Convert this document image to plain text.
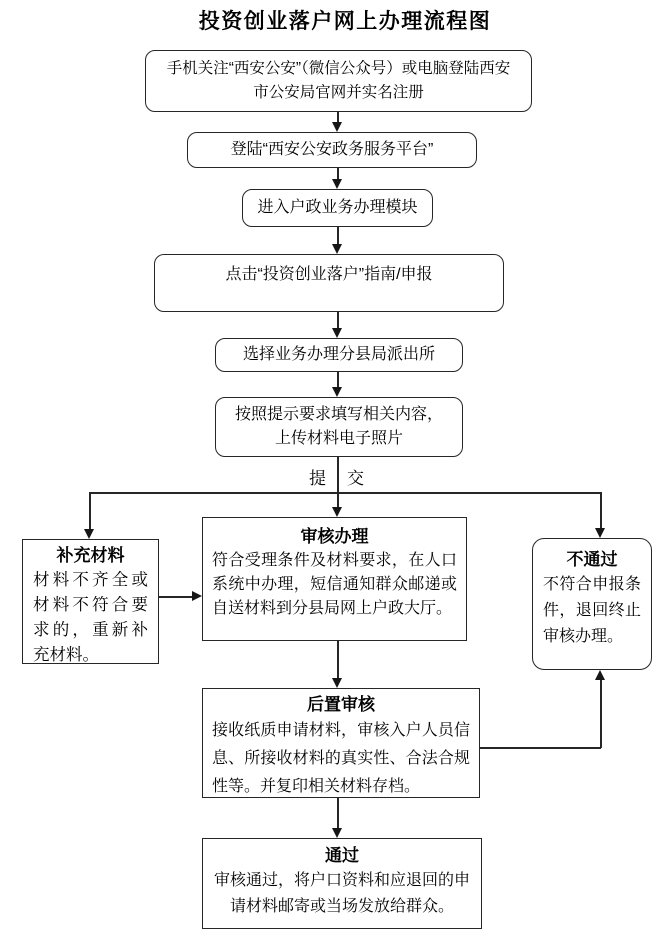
投资创业落户网上办理流程图
手机关注“西安公安”（微信公众号）或电脑登陆西安
市公安局官网并实名注册
登陆“西安公安政务服务平台”
进入户政业务办理模块
点击“投资创业落户”指南/申报
选择业务办理分县局派出所
按照提示要求填写相关内容，
上传材料电子照片
提 交
补充材料
材料不齐全或材料不符合要求的，重新补充材料。
审核办理
符合受理条件及材料要求，在人口系统中办理，短信通知群众邮递或自送材料到分县局网上户政大厅。
不通过
不符合申报条件，退回终止审核办理。
后置审核
接收纸质申请材料，审核入户人员信息、所接收材料的真实性、合法合规性等。并复印相关材料存档。
通过
审核通过，将户口资料和应退回的申请材料邮寄或当场发放给群众。
